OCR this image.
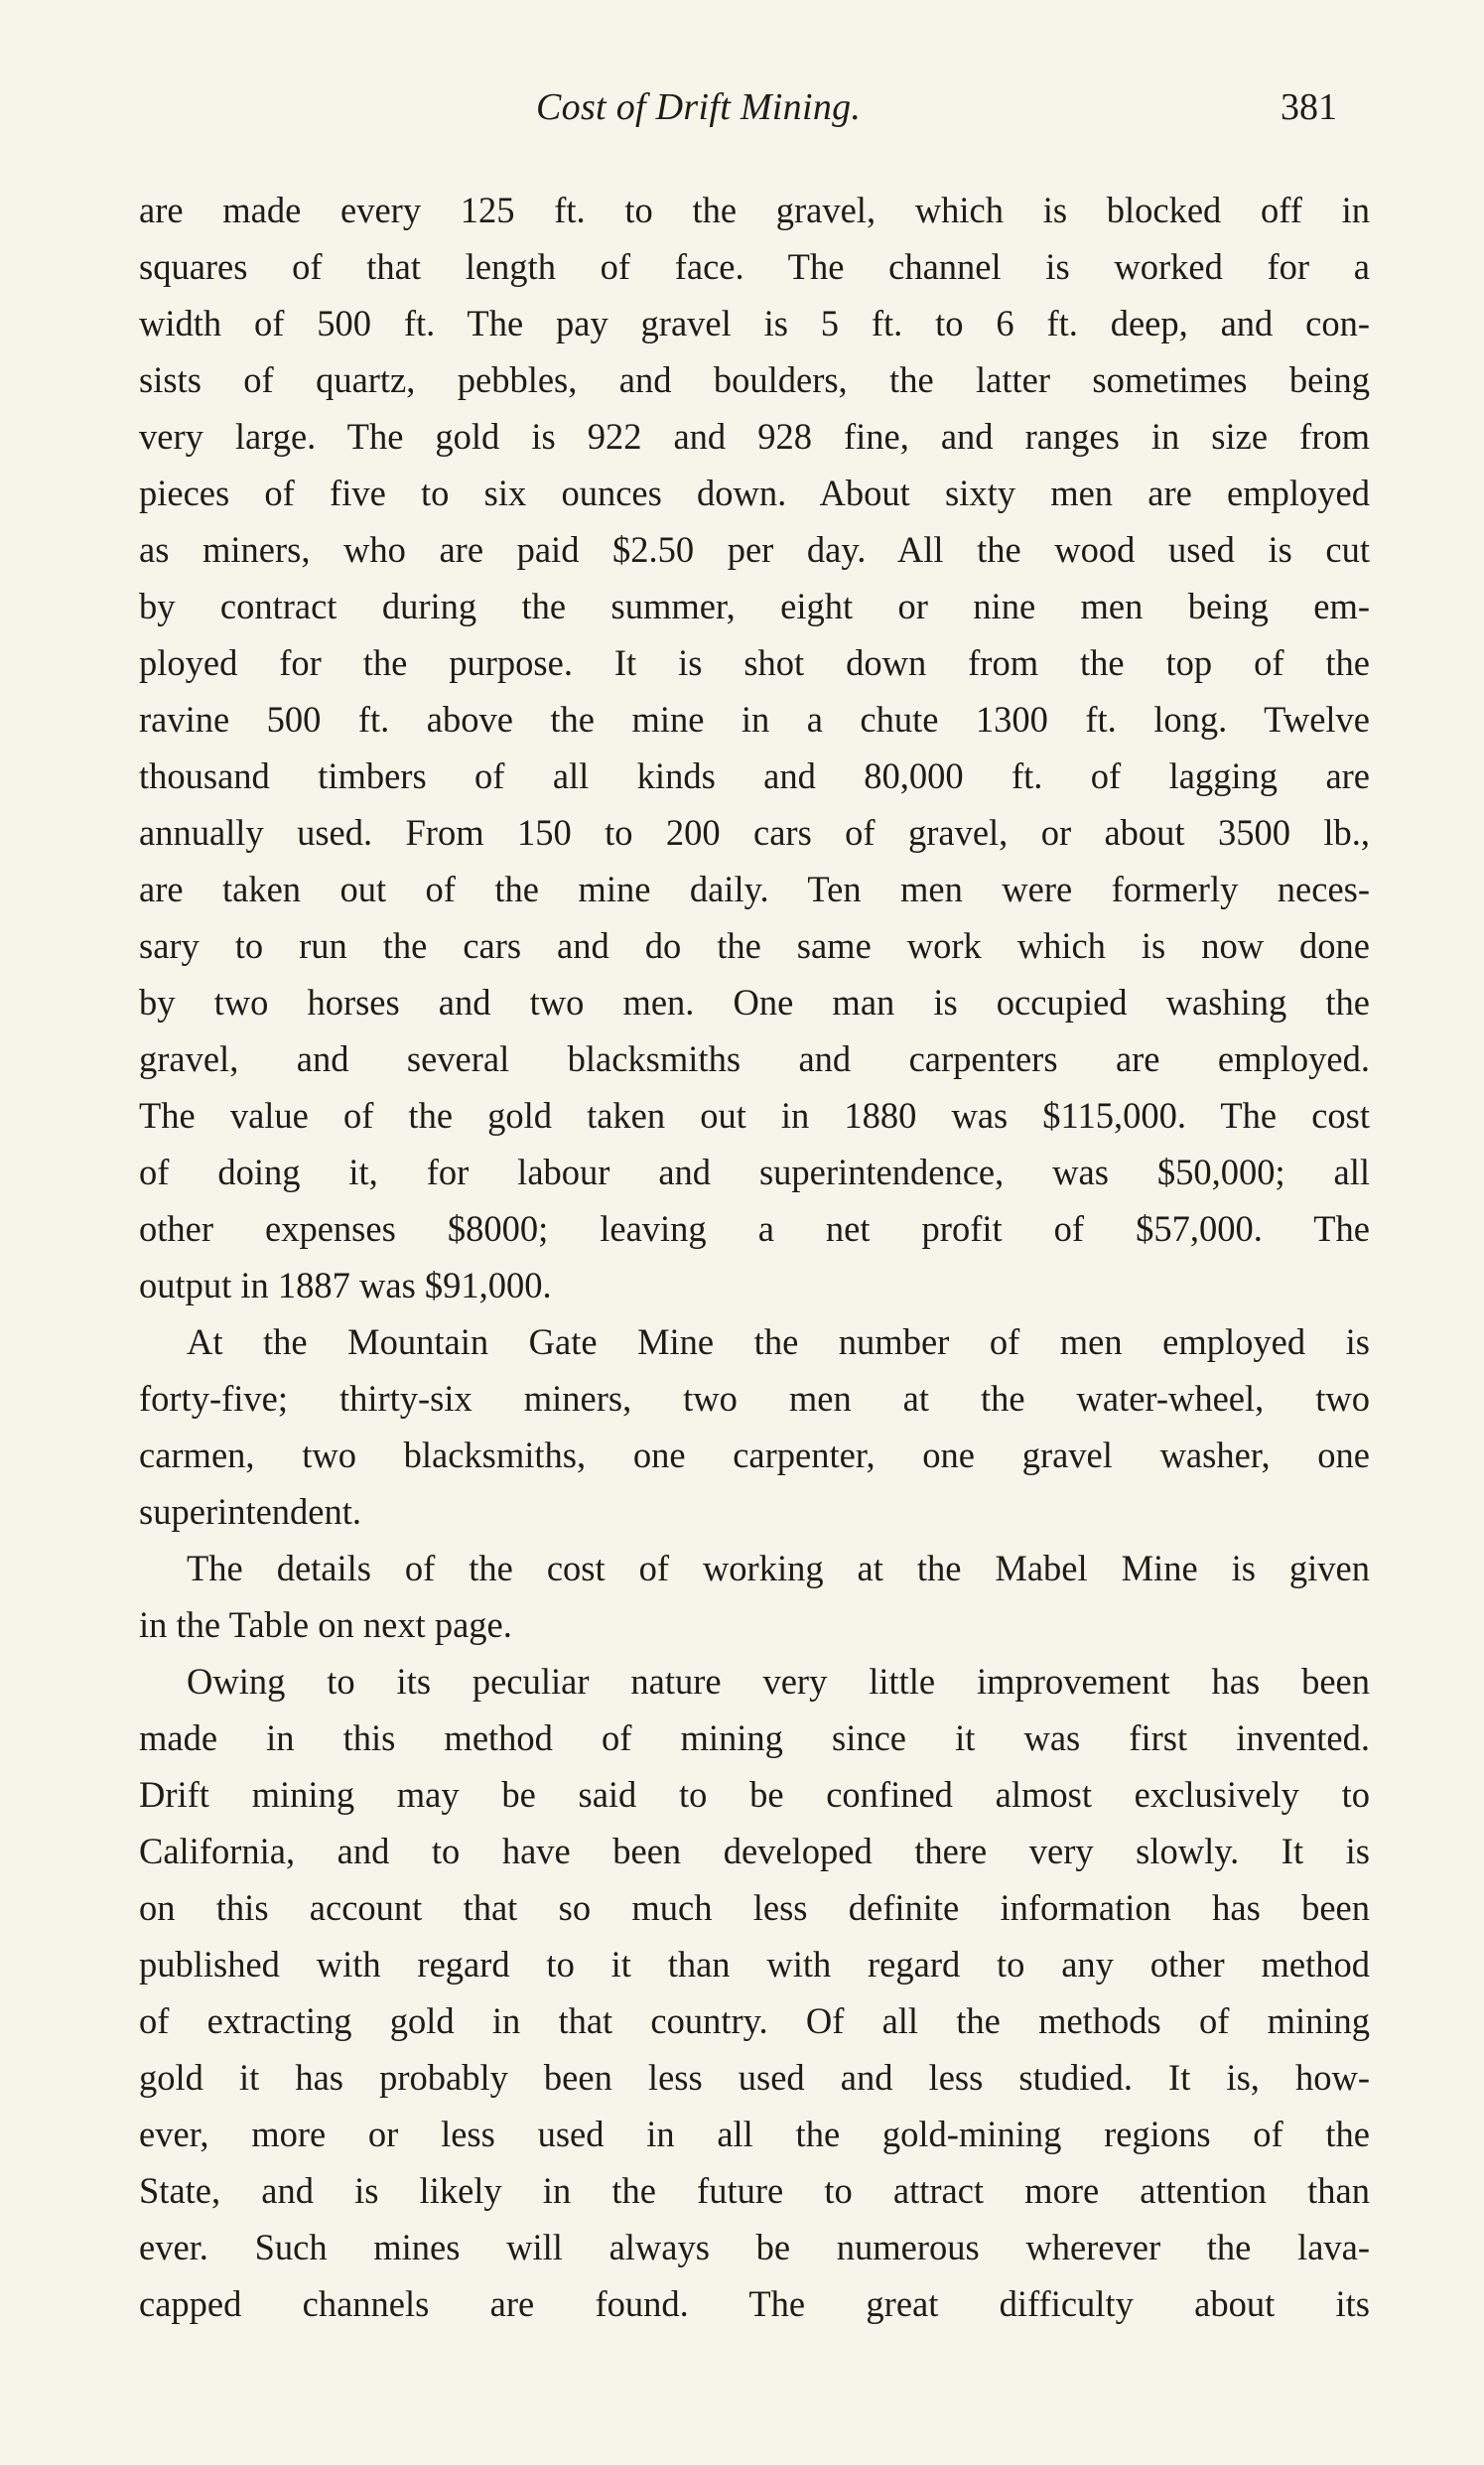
Cost of Drift Mining.	381
are made every 125 ft. to the gravel, which is blocked off in
squares of that length of face. The channel is worked for a
width of 500 ft. The pay gravel is 5 ft. to 6 ft. deep, and con-
sists of quartz, pebbles, and boulders, the latter sometimes being
very large. The gold is 922 and 928 fine, and ranges in size from
pieces of five to six ounces down. About sixty men are employed
as miners, who are paid $2.50 per day. All the wood used is cut
by contract during the summer, eight or nine men being em-
ployed for the purpose. It is shot down from the top of the
ravine 500 ft. above the mine in a chute 1300 ft. long. Twelve
thousand timbers of all kinds and 80,000 ft. of lagging are
annually used. From 150 to 200 cars of gravel, or about 3500 lb.,
are taken out of the mine daily. Ten men were formerly neces-
sary to run the cars and do the same work which is now done
by two horses and two men. One man is occupied washing the
gravel, and several blacksmiths and carpenters are employed.
The value of the gold taken out in 1880 was $115,000. The cost
of doing it, for labour and superintendence, was $50,000; all
other expenses $8000; leaving a net profit of $57,000. The
output in 1887 was $91,000.
At the Mountain Gate Mine the number of men employed is
forty-five; thirty-six miners, two men at the water-wheel, two
carmen, two blacksmiths, one carpenter, one gravel washer, one
superintendent.
The details of the cost of working at the Mabel Mine is given
in the Table on next page.
Owing to its peculiar nature very little improvement has been
made in this method of mining since it was first invented.
Drift mining may be said to be confined almost exclusively to
California, and to have been developed there very slowly. It is
on this account that so much less definite information has been
published with regard to it than with regard to any other method
of extracting gold in that country. Of all the methods of mining
gold it has probably been less used and less studied. It is, how-
ever, more or less used in all the gold-mining regions of the
State, and is likely in the future to attract more attention than
ever. Such mines will always be numerous wherever the lava-
capped channels are found. The great difficulty about its
